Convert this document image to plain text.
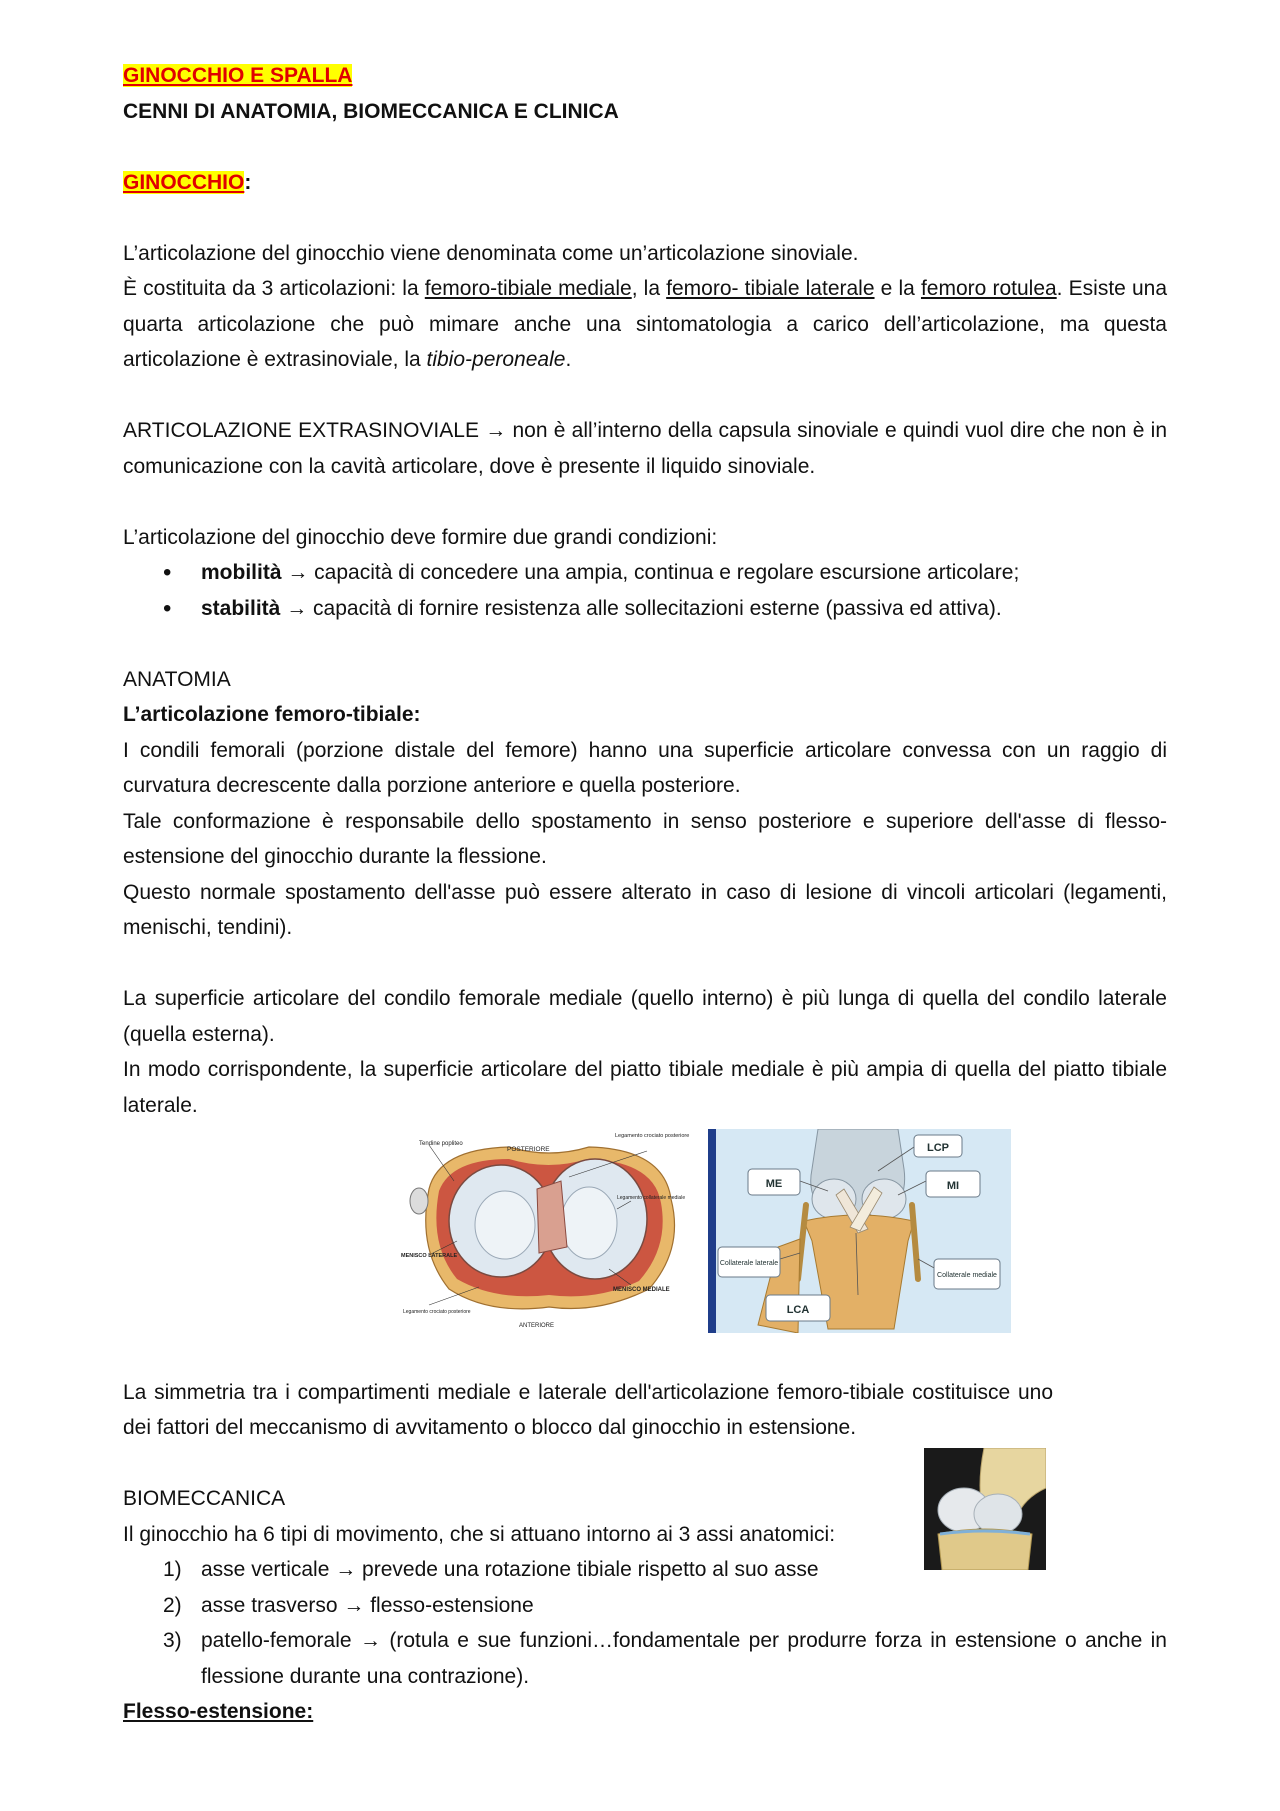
GINOCCHIO E SPALLA

CENNI DI ANATOMIA, BIOMECCANICA E CLINICA

GINOCCHIO:

L’articolazione del ginocchio viene denominata come un’articolazione sinoviale.

È costituita da 3 articolazioni: la femoro-tibiale mediale, la femoro- tibiale laterale e la femoro rotulea. Esiste una quarta articolazione che può mimare anche una sintomatologia a carico dell’articolazione, ma questa articolazione è extrasinoviale, la tibio-peroneale.

ARTICOLAZIONE EXTRASINOVIALE → non è all’interno della capsula sinoviale e quindi vuol dire che non è in comunicazione con la cavità articolare, dove è presente il liquido sinoviale.

L’articolazione del ginocchio deve formire due grandi condizioni:

• mobilità → capacità di concedere una ampia, continua e regolare escursione articolare;
• stabilità → capacità di fornire resistenza alle sollecitazioni esterne (passiva ed attiva).

ANATOMIA

L’articolazione femoro-tibiale:

I condili femorali (porzione distale del femore) hanno una superficie articolare convessa con un raggio di curvatura decrescente dalla porzione anteriore e quella posteriore.

Tale conformazione è responsabile dello spostamento in senso posteriore e superiore dell'asse di flesso-estensione del ginocchio durante la flessione.

Questo normale spostamento dell'asse può essere alterato in caso di lesione di vincoli articolari (legamenti, menischi, tendini).

La superficie articolare del condilo femorale mediale (quello interno) è più lunga di quella del condilo laterale (quella esterna).

In modo corrispondente, la superficie articolare del piatto tibiale mediale è più ampia di quella del piatto tibiale laterale.

Tendine popliteo
POSTERIORE
Legamento crociato posteriore
Legamento collaterale mediale
MENISCO LATERALE
MENISCO MEDIALE
Legamento crociato posteriore
ANTERIORE
LCP
ME	MI
Collaterale laterale
Collaterale mediale
LCA

La simmetria tra i compartimenti mediale e laterale dell'articolazione femoro-tibiale costituisce uno dei fattori del meccanismo di avvitamento o blocco dal ginocchio in estensione.

BIOMECCANICA

Il ginocchio ha 6 tipi di movimento, che si attuano intorno ai 3 assi anatomici:

1) asse verticale → prevede una rotazione tibiale rispetto al suo asse
2) asse trasverso → flesso-estensione
3) patello-femorale → (rotula e sue funzioni…fondamentale per produrre forza in estensione o anche in flessione durante una contrazione).

Flesso-estensione:
